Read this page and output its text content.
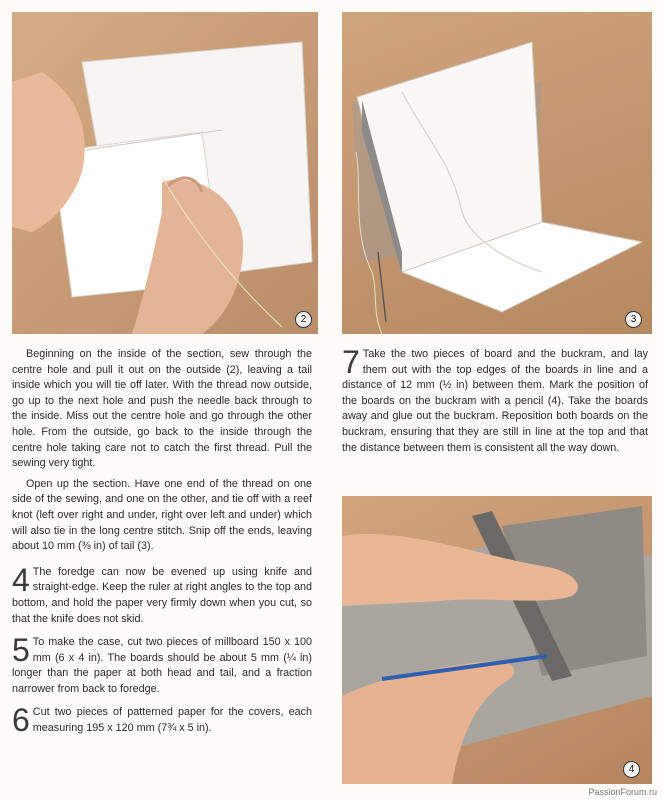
2	3
4

Beginning on the inside of the section, sew through the centre hole and pull it out on the outside (2), leaving a tail inside which you will tie off later. With the thread now outside, go up to the next hole and push the needle back through to the inside. Miss out the centre hole and go through the other hole. From the outside, go back to the inside through the centre hole taking care not to catch the first thread. Pull the sewing very tight.

Open up the section. Have one end of the thread on one side of the sewing, and one on the other, and tie off with a reef knot (left over right and under, right over left and under) which will also tie in the long centre stitch. Snip off the ends, leaving about 10 mm (⅜ in) of tail (3).

4 The foredge can now be evened up using knife and straight-edge. Keep the ruler at right angles to the top and bottom, and hold the paper very firmly down when you cut, so that the knife does not skid.
5 To make the case, cut two pieces of millboard 150 x 100 mm (6 x 4 in). The boards should be about 5 mm (¼ in) longer than the paper at both head and tail, and a fraction narrower from back to foredge.
6 Cut two pieces of patterned paper for the covers, each measuring 195 x 120 mm (7¾ x 5 in).
7 Take the two pieces of board and the buckram, and lay them out with the top edges of the boards in line and a distance of 12 mm (½ in) between them. Mark the position of the boards on the buckram with a pencil (4). Take the boards away and glue out the buckram. Reposition both boards on the buckram, ensuring that they are still in line at the top and that the distance between them is consistent all the way down.
PassionForum.ru
